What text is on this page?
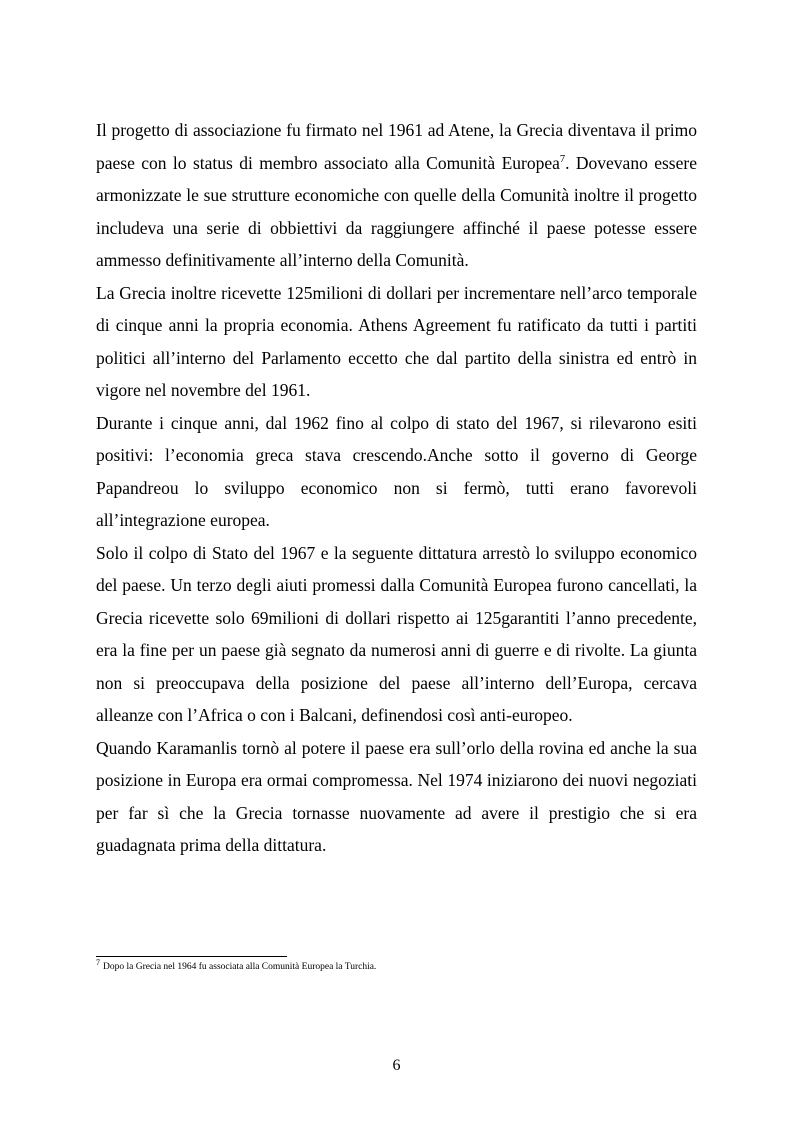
Il progetto di associazione fu firmato nel 1961 ad Atene, la Grecia diventava il primo paese con lo status di membro associato alla Comunità Europea$^7$. Dovevano essere armonizzate le sue strutture economiche con quelle della Comunità inoltre il progetto includeva una serie di obbiettivi da raggiungere affinché il paese potesse essere ammesso definitivamente all’interno della Comunità.

La Grecia inoltre ricevette 125milioni di dollari per incrementare nell’arco temporale di cinque anni la propria economia. Athens Agreement fu ratificato da tutti i partiti politici all’interno del Parlamento eccetto che dal partito della sinistra ed entrò in vigore nel novembre del 1961.

Durante i cinque anni, dal 1962 fino al colpo di stato del 1967, si rilevarono esiti positivi: l’economia greca stava crescendo.Anche sotto il governo di George Papandreou lo sviluppo economico non si fermò, tutti erano favorevoli all’integrazione europea.

Solo il colpo di Stato del 1967 e la seguente dittatura arrestò lo sviluppo economico del paese. Un terzo degli aiuti promessi dalla Comunità Europea furono cancellati, la Grecia ricevette solo 69milioni di dollari rispetto ai 125garantiti l’anno precedente, era la fine per un paese già segnato da numerosi anni di guerre e di rivolte. La giunta non si preoccupava della posizione del paese all’interno dell’Europa, cercava alleanze con l’Africa o con i Balcani, definendosi così anti-europeo.

Quando Karamanlis tornò al potere il paese era sull’orlo della rovina ed anche la sua posizione in Europa era ormai compromessa. Nel 1974 iniziarono dei nuovi negoziati per far sì che la Grecia tornasse nuovamente ad avere il prestigio che si era guadagnata prima della dittatura.

$^7$ Dopo la Grecia nel 1964 fu associata alla Comunità Europea la Turchia.
6
